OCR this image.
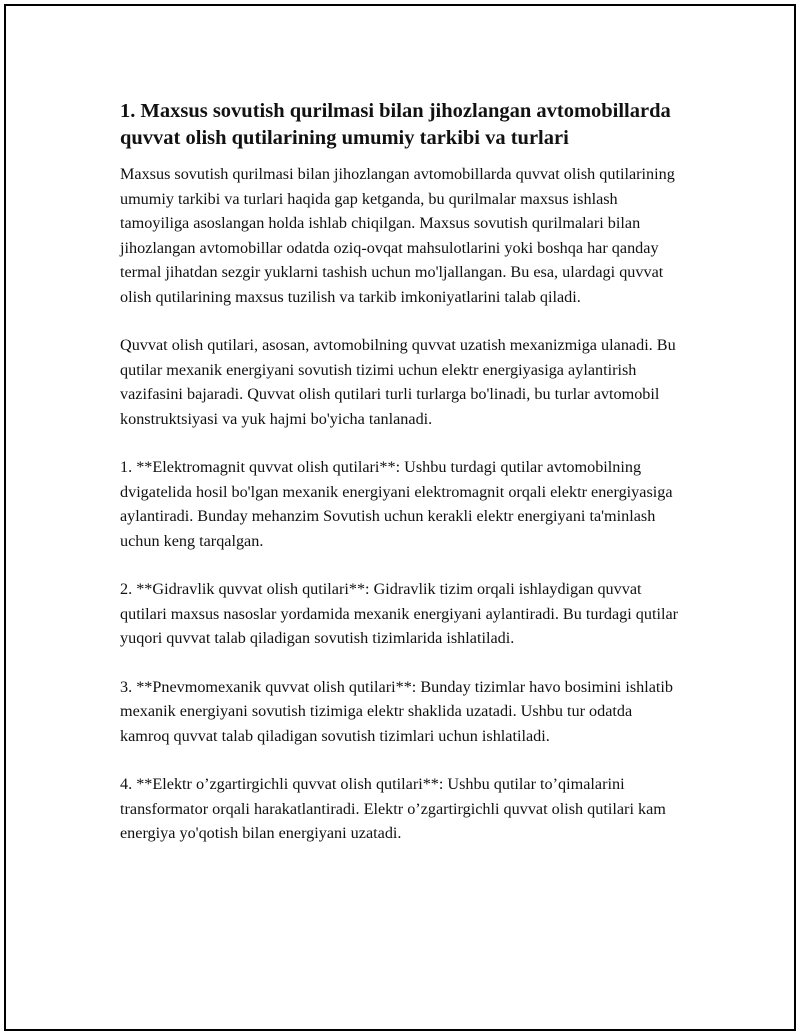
1. Maxsus sovutish qurilmasi bilan jihozlangan avtomobillarda quvvat olish qutilarining umumiy tarkibi va turlari

Maxsus sovutish qurilmasi bilan jihozlangan avtomobillarda quvvat olish qutilarining umumiy tarkibi va turlari haqida gap ketganda, bu qurilmalar maxsus ishlash tamoyiliga asoslangan holda ishlab chiqilgan. Maxsus sovutish qurilmalari bilan jihozlangan avtomobillar odatda oziq-ovqat mahsulotlarini yoki boshqa har qanday termal jihatdan sezgir yuklarni tashish uchun mo'ljallangan. Bu esa, ulardagi quvvat olish qutilarining maxsus tuzilish va tarkib imkoniyatlarini talab qiladi.

Quvvat olish qutilari, asosan, avtomobilning quvvat uzatish mexanizmiga ulanadi. Bu qutilar mexanik energiyani sovutish tizimi uchun elektr energiyasiga aylantirish vazifasini bajaradi. Quvvat olish qutilari turli turlarga bo'linadi, bu turlar avtomobil konstruktsiyasi va yuk hajmi bo'yicha tanlanadi.

1. **Elektromagnit quvvat olish qutilari**: Ushbu turdagi qutilar avtomobilning dvigatelida hosil bo'lgan mexanik energiyani elektromagnit orqali elektr energiyasiga aylantiradi. Bunday mehanzim Sovutish uchun kerakli elektr energiyani ta'minlash uchun keng tarqalgan.

2. **Gidravlik quvvat olish qutilari**: Gidravlik tizim orqali ishlaydigan quvvat qutilari maxsus nasoslar yordamida mexanik energiyani aylantiradi. Bu turdagi qutilar yuqori quvvat talab qiladigan sovutish tizimlarida ishlatiladi.

3. **Pnevmomexanik quvvat olish qutilari**: Bunday tizimlar havo bosimini ishlatib mexanik energiyani sovutish tizimiga elektr shaklida uzatadi. Ushbu tur odatda kamroq quvvat talab qiladigan sovutish tizimlari uchun ishlatiladi.

4. **Elektr o’zgartirgichli quvvat olish qutilari**: Ushbu qutilar to’qimalarini transformator orqali harakatlantiradi. Elektr o’zgartirgichli quvvat olish qutilari kam energiya yo'qotish bilan energiyani uzatadi.
